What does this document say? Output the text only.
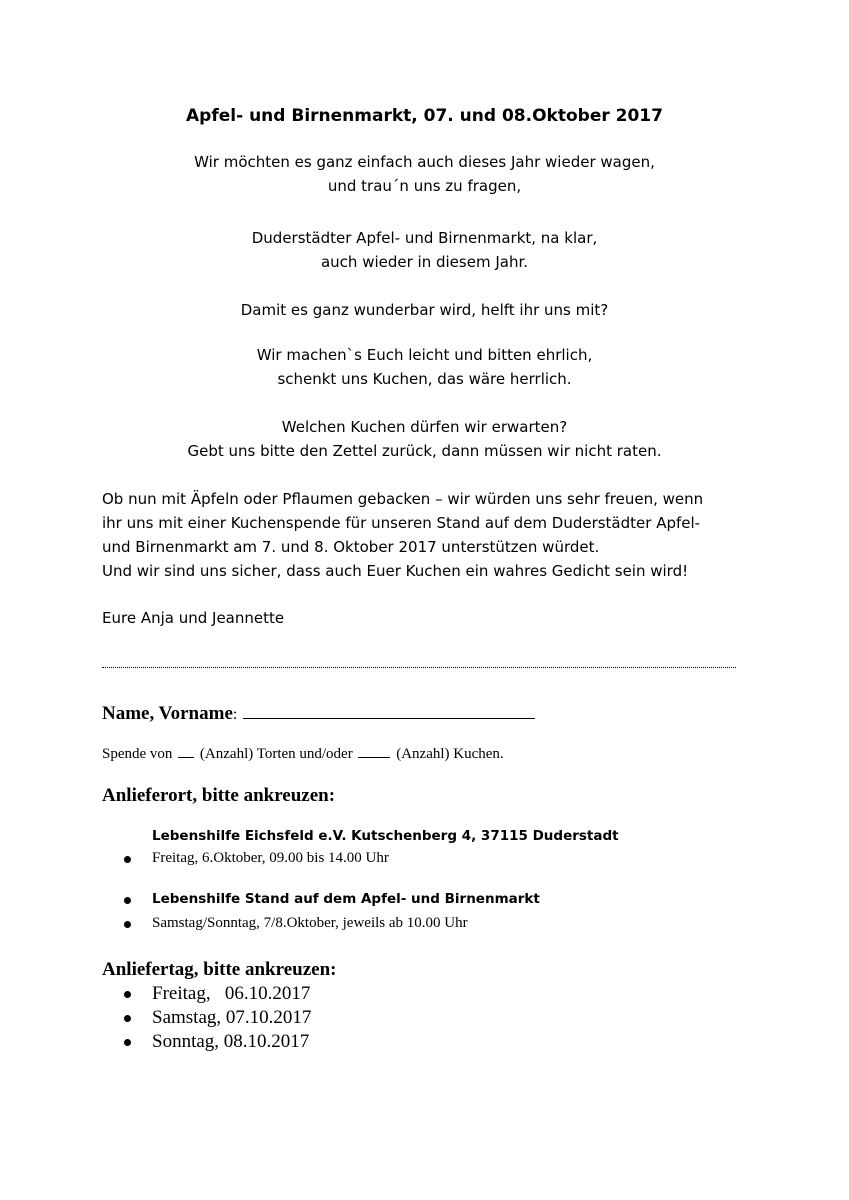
Apfel- und Birnenmarkt, 07. und 08.Oktober 2017
Wir möchten es ganz einfach auch dieses Jahr wieder wagen,
und trau´n uns zu fragen,
Duderstädter Apfel- und Birnenmarkt, na klar,
auch wieder in diesem Jahr.
Damit es ganz wunderbar wird, helft ihr uns mit?
Wir machen`s Euch leicht und bitten ehrlich,
schenkt uns Kuchen, das wäre herrlich.
Welchen Kuchen dürfen wir erwarten?
Gebt uns bitte den Zettel zurück, dann müssen wir nicht raten.
Ob nun mit Äpfeln oder Pflaumen gebacken – wir würden uns sehr freuen, wenn
ihr uns mit einer Kuchenspende für unseren Stand auf dem Duderstädter Apfel-
und Birnenmarkt am 7. und 8. Oktober 2017 unterstützen würdet.
Und wir sind uns sicher, dass auch Euer Kuchen ein wahres Gedicht sein wird!
Eure Anja und Jeannette
Name, Vorname:
Spende von (Anzahl) Torten und/oder	(Anzahl) Kuchen.
Anlieferort, bitte ankreuzen:
Lebenshilfe Eichsfeld e.V. Kutschenberg 4, 37115 Duderstadt
Freitag, 6.Oktober, 09.00 bis 14.00 Uhr
Lebenshilfe Stand auf dem Apfel- und Birnenmarkt
Samstag/Sonntag, 7/8.Oktober, jeweils ab 10.00 Uhr
Anliefertag, bitte ankreuzen:
Freitag,   06.10.2017
Samstag, 07.10.2017
Sonntag, 08.10.2017
